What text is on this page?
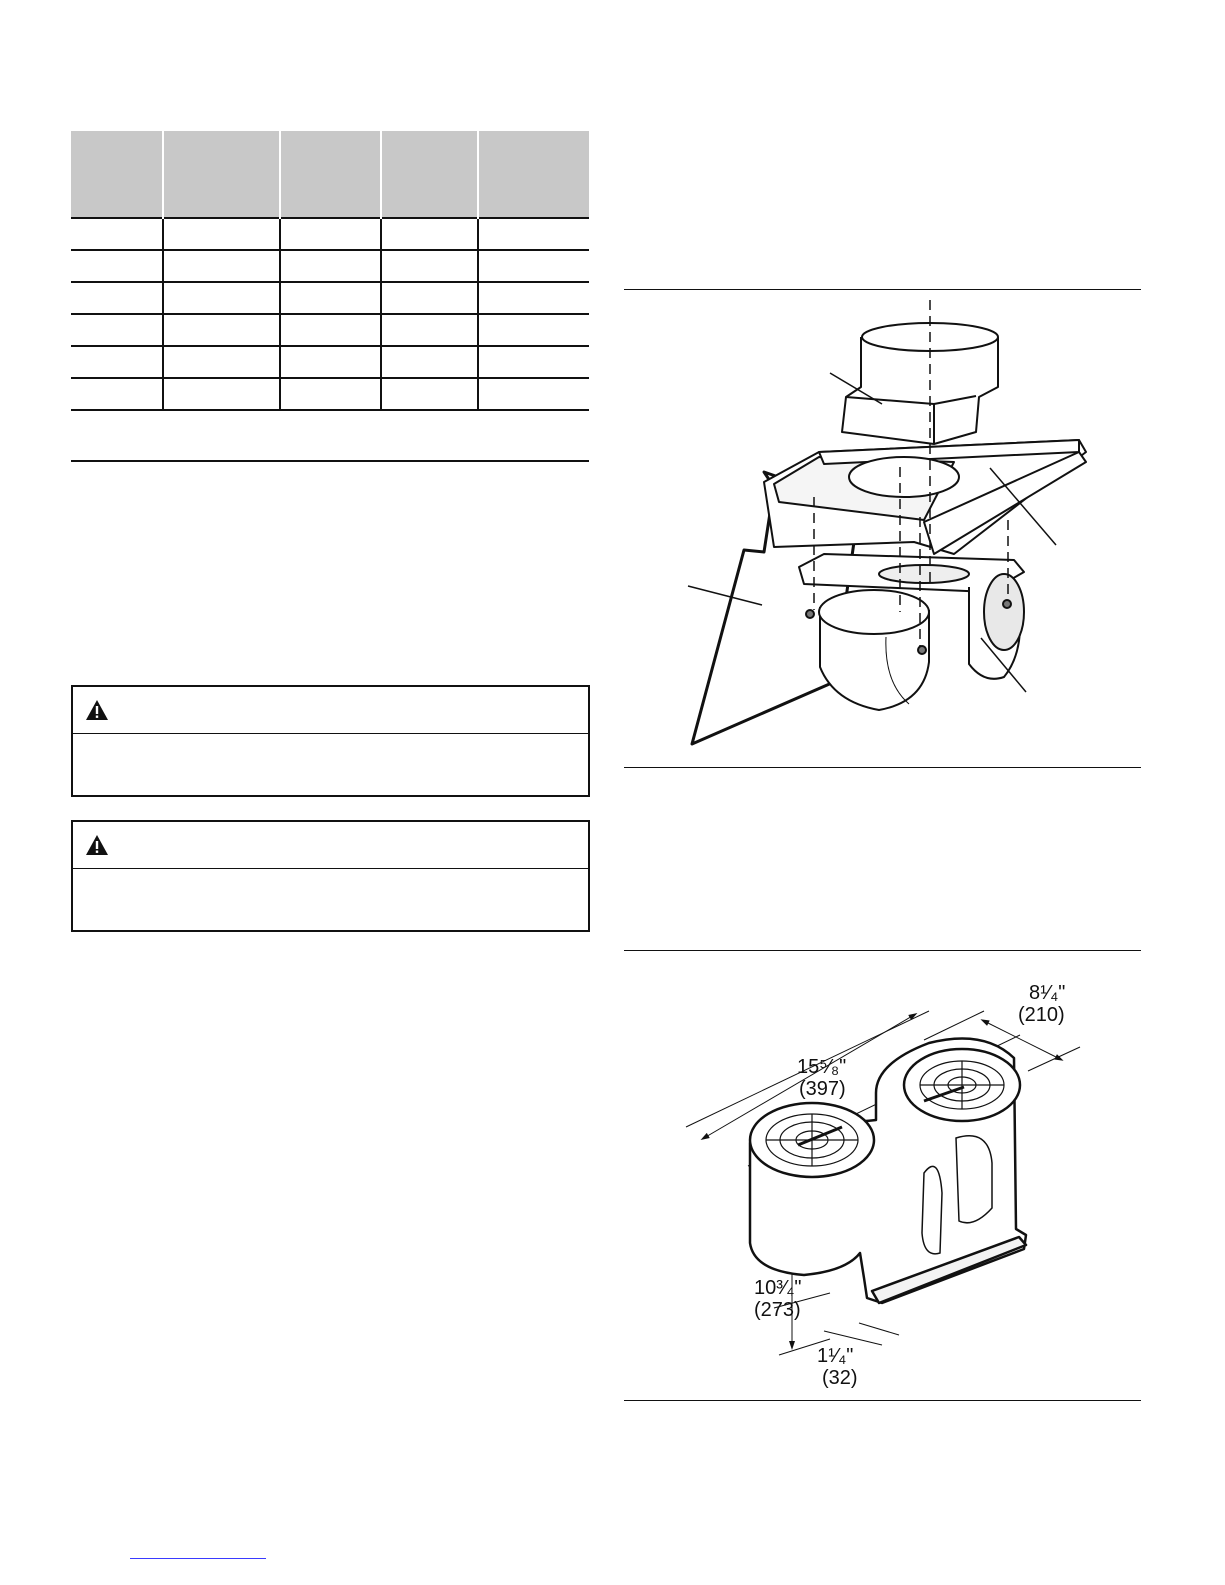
8¹⁄₄"
(210)
15⁵⁄₈"
(397)
10³⁄₄"
(273)
1¹⁄₄"
(32)
